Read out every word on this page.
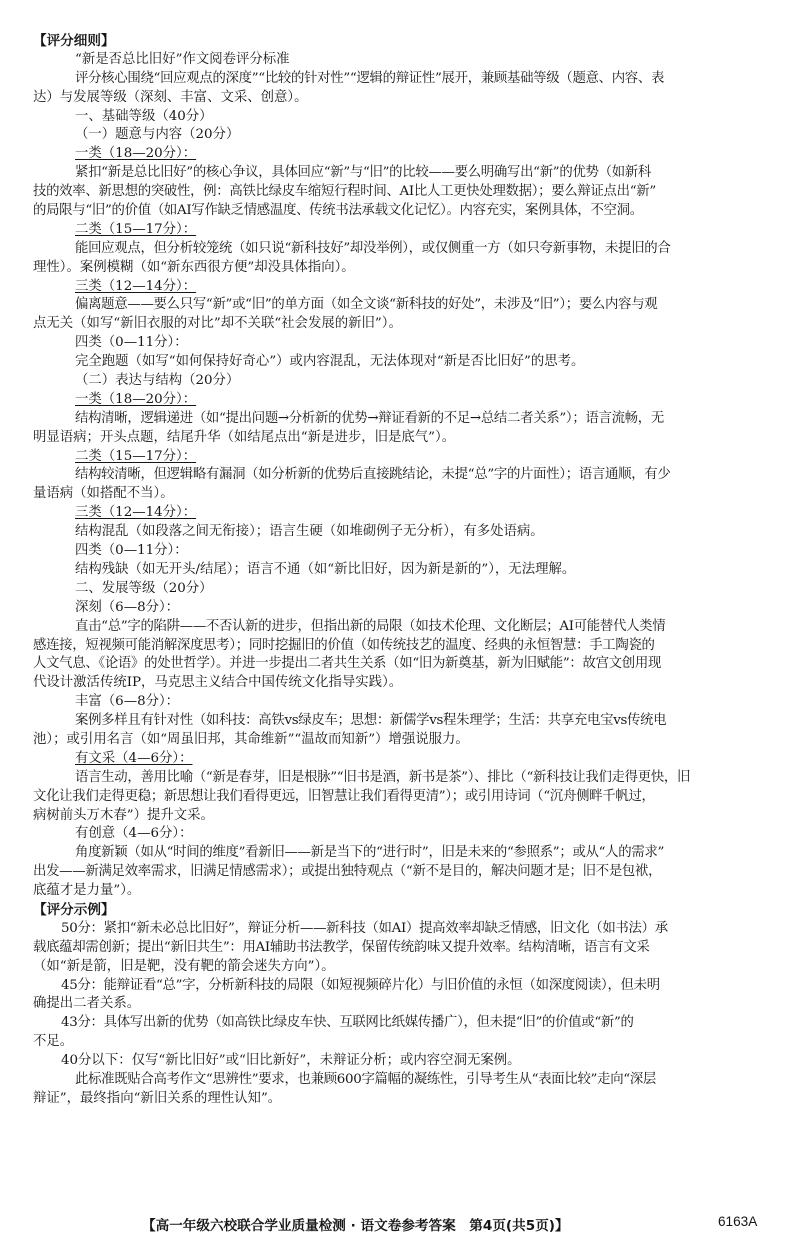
【评分细则】
“新是否总比旧好”作文阅卷评分标准
评分核心围绕“回应观点的深度”“比较的针对性”“逻辑的辩证性”展开，兼顾基础等级（题意、内容、表
达）与发展等级（深刻、丰富、文采、创意）。
一、基础等级（40分）
（一）题意与内容（20分）
一类（18—20分）：
紧扣“新是总比旧好”的核心争议，具体回应“新”与“旧”的比较——要么明确写出“新”的优势（如新科
技的效率、新思想的突破性，例：高铁比绿皮车缩短行程时间、AI比人工更快处理数据）；要么辩证点出“新”
的局限与“旧”的价值（如AI写作缺乏情感温度、传统书法承载文化记忆）。内容充实，案例具体，不空洞。
二类（15—17分）：
能回应观点，但分析较笼统（如只说“新科技好”却没举例），或仅侧重一方（如只夸新事物，未提旧的合
理性）。案例模糊（如“新东西很方便”却没具体指向）。
三类（12—14分）：
偏离题意——要么只写“新”或“旧”的单方面（如全文谈“新科技的好处”，未涉及“旧”）；要么内容与观
点无关（如写“新旧衣服的对比”却不关联“社会发展的新旧”）。
四类（0—11分）：
完全跑题（如写“如何保持好奇心”）或内容混乱，无法体现对“新是否比旧好”的思考。
（二）表达与结构（20分）
一类（18—20分）：
结构清晰，逻辑递进（如“提出问题→分析新的优势→辩证看新的不足→总结二者关系”）；语言流畅，无
明显语病；开头点题，结尾升华（如结尾点出“新是进步，旧是底气”）。
二类（15—17分）：
结构较清晰，但逻辑略有漏洞（如分析新的优势后直接跳结论，未提“总”字的片面性）；语言通顺，有少
量语病（如搭配不当）。
三类（12—14分）：
结构混乱（如段落之间无衔接）；语言生硬（如堆砌例子无分析），有多处语病。
四类（0—11分）：
结构残缺（如无开头/结尾）；语言不通（如“新比旧好，因为新是新的”），无法理解。
二、发展等级（20分）
深刻（6—8分）：
直击“总”字的陷阱——不否认新的进步，但指出新的局限（如技术伦理、文化断层；AI可能替代人类情
感连接，短视频可能消解深度思考）；同时挖掘旧的价值（如传统技艺的温度、经典的永恒智慧：手工陶瓷的
人文气息、《论语》的处世哲学）。并进一步提出二者共生关系（如“旧为新奠基，新为旧赋能”：故宫文创用现
代设计激活传统IP，马克思主义结合中国传统文化指导实践）。
丰富（6—8分）：
案例多样且有针对性（如科技：高铁vs绿皮车；思想：新儒学vs程朱理学；生活：共享充电宝vs传统电
池）；或引用名言（如“周虽旧邦，其命维新”“温故而知新”）增强说服力。
有文采（4—6分）：
语言生动，善用比喻（“新是春芽，旧是根脉”“旧书是酒，新书是茶”）、排比（“新科技让我们走得更快，旧
文化让我们走得更稳；新思想让我们看得更远，旧智慧让我们看得更清”）；或引用诗词（“沉舟侧畔千帆过，
病树前头万木春”）提升文采。
有创意（4—6分）：
角度新颖（如从“时间的维度”看新旧——新是当下的“进行时”，旧是未来的“参照系”；或从“人的需求”
出发——新满足效率需求，旧满足情感需求）；或提出独特观点（“新不是目的，解决问题才是；旧不是包袱，
底蕴才是力量”）。
【评分示例】
50分：紧扣“新未必总比旧好”，辩证分析——新科技（如AI）提高效率却缺乏情感，旧文化（如书法）承
载底蕴却需创新；提出“新旧共生”：用AI辅助书法教学，保留传统韵味又提升效率。结构清晰，语言有文采
（如“新是箭，旧是靶，没有靶的箭会迷失方向”）。
45分：能辩证看“总”字，分析新科技的局限（如短视频碎片化）与旧价值的永恒（如深度阅读），但未明
确提出二者关系。
43分：具体写出新的优势（如高铁比绿皮车快、互联网比纸媒传播广），但未提“旧”的价值或“新”的
不足。
40分以下：仅写“新比旧好”或“旧比新好”，未辩证分析；或内容空洞无案例。
此标准既贴合高考作文“思辨性”要求，也兼顾600字篇幅的凝练性，引导考生从“表面比较”走向“深层
辩证”，最终指向“新旧关系的理性认知”。
【高一年级六校联合学业质量检测 · 语文卷参考答案　第4页(共5页)】	6163A
